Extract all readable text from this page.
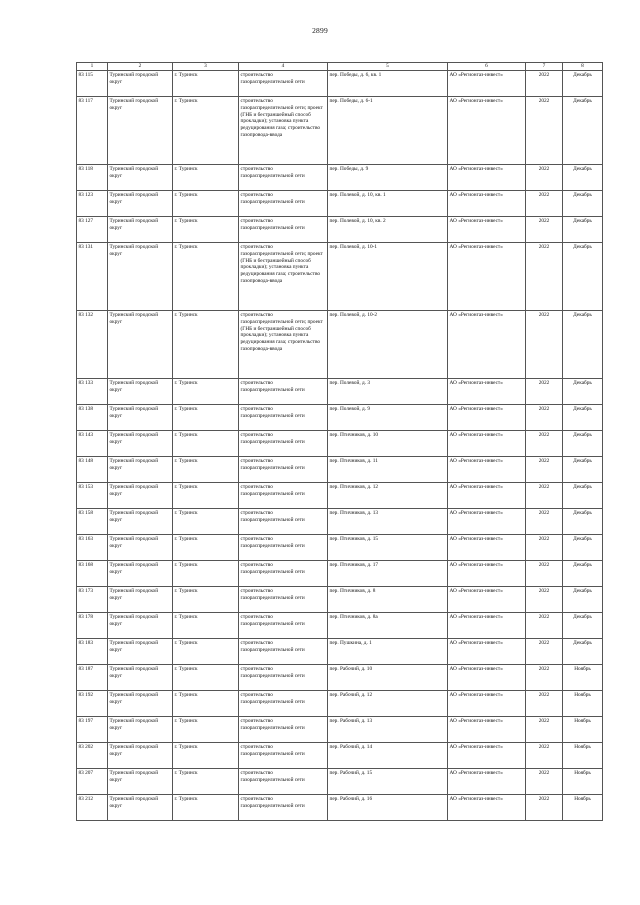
2899
1	2	3	4	5	6	7	8
83 115	Туринский городской округ	г. Туринск	строительство газораспределительной сети	пер. Победы, д. 6, кв. 1	АО «Регионгаз-инвест»	2022	Декабрь
83 117	Туринский городской округ	г. Туринск	строительство газораспределительной сети; проект (ГНБ и бестраншейный способ прокладки); установка пункта редуцирования газа; строительство газопровода-ввода	пер. Победы, д. 6-1	АО «Регионгаз-инвест»	2022	Декабрь
83 118	Туринский городской округ	г. Туринск	строительство газораспределительной сети	пер. Победы, д. 9	АО «Регионгаз-инвест»	2022	Декабрь
83 123	Туринский городской округ	г. Туринск	строительство газораспределительной сети	пер. Полевой, д. 10, кв. 1	АО «Регионгаз-инвест»	2022	Декабрь
83 127	Туринский городской округ	г. Туринск	строительство газораспределительной сети	пер. Полевой, д. 10, кв. 2	АО «Регионгаз-инвест»	2022	Декабрь
83 131	Туринский городской округ	г. Туринск	строительство газораспределительной сети; проект (ГНБ и бестраншейный способ прокладки); установка пункта редуцирования газа; строительство газопровода-ввода	пер. Полевой, д. 10-1	АО «Регионгаз-инвест»	2022	Декабрь
83 132	Туринский городской округ	г. Туринск	строительство газораспределительной сети; проект (ГНБ и бестраншейный способ прокладки); установка пункта редуцирования газа; строительство газопровода-ввода	пер. Полевой, д. 10-2	АО «Регионгаз-инвест»	2022	Декабрь
83 133	Туринский городской округ	г. Туринск	строительство газораспределительной сети	пер. Полевой, д. 3	АО «Регионгаз-инвест»	2022	Декабрь
83 138	Туринский городской округ	г. Туринск	строительство газораспределительной сети	пер. Полевой, д. 9	АО «Регионгаз-инвест»	2022	Декабрь
83 143	Туринский городской округ	г. Туринск	строительство газораспределительной сети	пер. Птичников, д. 10	АО «Регионгаз-инвест»	2022	Декабрь
83 148	Туринский городской округ	г. Туринск	строительство газораспределительной сети	пер. Птичников, д. 11	АО «Регионгаз-инвест»	2022	Декабрь
83 153	Туринский городской округ	г. Туринск	строительство газораспределительной сети	пер. Птичников, д. 12	АО «Регионгаз-инвест»	2022	Декабрь
83 158	Туринский городской округ	г. Туринск	строительство газораспределительной сети	пер. Птичников, д. 13	АО «Регионгаз-инвест»	2022	Декабрь
83 163	Туринский городской округ	г. Туринск	строительство газораспределительной сети	пер. Птичников, д. 15	АО «Регионгаз-инвест»	2022	Декабрь
83 168	Туринский городской округ	г. Туринск	строительство газораспределительной сети	пер. Птичников, д. 17	АО «Регионгаз-инвест»	2022	Декабрь
83 173	Туринский городской округ	г. Туринск	строительство газораспределительной сети	пер. Птичников, д. 8	АО «Регионгаз-инвест»	2022	Декабрь
83 178	Туринский городской округ	г. Туринск	строительство газораспределительной сети	пер. Птичников, д. 8а	АО «Регионгаз-инвест»	2022	Декабрь
83 183	Туринский городской округ	г. Туринск	строительство газораспределительной сети	пер. Пушкина, д. 1	АО «Регионгаз-инвест»	2022	Декабрь
83 187	Туринский городской округ	г. Туринск	строительство газораспределительной сети	пер. Рабочий, д. 10	АО «Регионгаз-инвест»	2022	Ноябрь
83 192	Туринский городской округ	г. Туринск	строительство газораспределительной сети	пер. Рабочий, д. 12	АО «Регионгаз-инвест»	2022	Ноябрь
83 197	Туринский городской округ	г. Туринск	строительство газораспределительной сети	пер. Рабочий, д. 13	АО «Регионгаз-инвест»	2022	Ноябрь
83 202	Туринский городской округ	г. Туринск	строительство газораспределительной сети	пер. Рабочий, д. 14	АО «Регионгаз-инвест»	2022	Ноябрь
83 207	Туринский городской округ	г. Туринск	строительство газораспределительной сети	пер. Рабочий, д. 15	АО «Регионгаз-инвест»	2022	Ноябрь
83 212	Туринский городской округ	г. Туринск	строительство газораспределительной сети	пер. Рабочий, д. 16	АО «Регионгаз-инвест»	2022	Ноябрь
